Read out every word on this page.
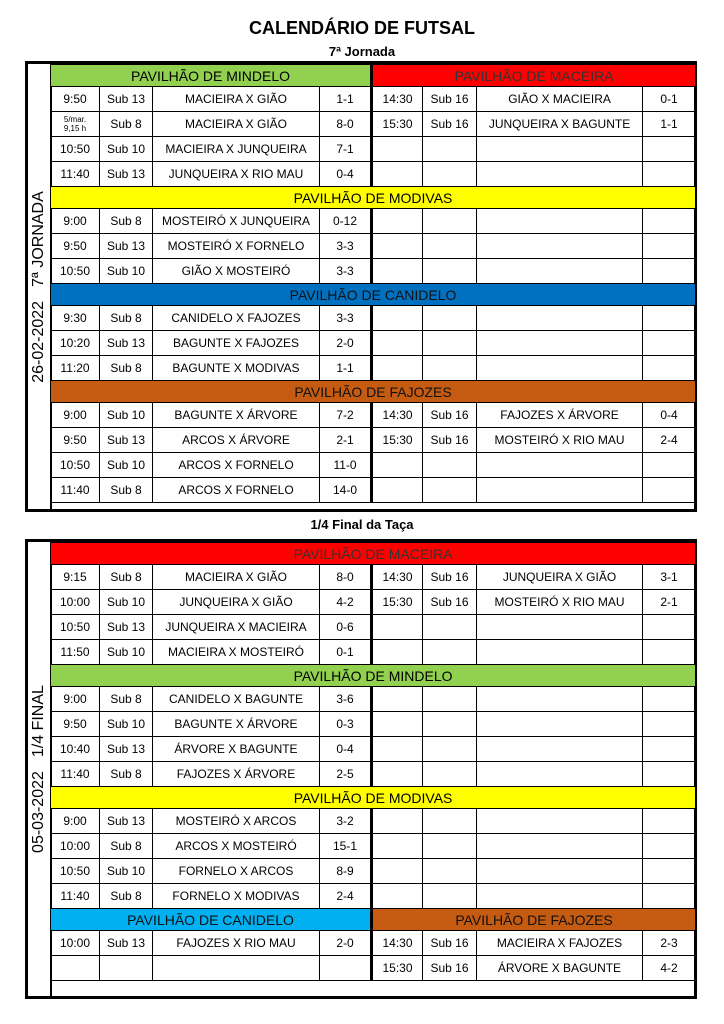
CALENDÁRIO DE FUTSAL
7ª Jornada
26-02-2022
7ª JORNADA
PAVILHÃO DE MINDELO				PAVILHÃO DE MACEIRA			
9:50	Sub 13	MACIEIRA X GIÃO	1-1	14:30	Sub 16	GIÃO X MACIEIRA	0-1
5/mar.
9,15 h	Sub 8	MACIEIRA X GIÃO	8-0	15:30	Sub 16	JUNQUEIRA X BAGUNTE	1-1
10:50	Sub 10	MACIEIRA X JUNQUEIRA	7-1				
11:40	Sub 13	JUNQUEIRA X RIO MAU	0-4				
PAVILHÃO DE MODIVAS							
9:00	Sub 8	MOSTEIRÓ X JUNQUEIRA	0-12				
9:50	Sub 13	MOSTEIRÓ X FORNELO	3-3				
10:50	Sub 10	GIÃO X MOSTEIRÓ	3-3				
PAVILHÃO DE CANIDELO							
9:30	Sub 8	CANIDELO X FAJOZES	3-3				
10:20	Sub 13	BAGUNTE X FAJOZES	2-0				
11:20	Sub 8	BAGUNTE X MODIVAS	1-1				
PAVILHÃO DE FAJOZES							
9:00	Sub 10	BAGUNTE X ÁRVORE	7-2	14:30	Sub 16	FAJOZES X ÁRVORE	0-4
9:50	Sub 13	ARCOS X ÁRVORE	2-1	15:30	Sub 16	MOSTEIRÓ X RIO MAU	2-4
10:50	Sub 10	ARCOS X FORNELO	11-0				
11:40	Sub 8	ARCOS X FORNELO	14-0				
1/4 Final da Taça
05-03-2022
1/4 FINAL
PAVILHÃO DE MACEIRA							
9:15	Sub 8	MACIEIRA X GIÃO	8-0	14:30	Sub 16	JUNQUEIRA X GIÃO	3-1
10:00	Sub 10	JUNQUEIRA X GIÃO	4-2	15:30	Sub 16	MOSTEIRÓ X RIO MAU	2-1
10:50	Sub 13	JUNQUEIRA X MACIEIRA	0-6				
11:50	Sub 10	MACIEIRA X MOSTEIRÓ	0-1				
PAVILHÃO DE MINDELO							
9:00	Sub 8	CANIDELO X BAGUNTE	3-6				
9:50	Sub 10	BAGUNTE X ÁRVORE	0-3				
10:40	Sub 13	ÁRVORE X BAGUNTE	0-4				
11:40	Sub 8	FAJOZES X ÁRVORE	2-5				
PAVILHÃO DE MODIVAS							
9:00	Sub 13	MOSTEIRÓ X ARCOS	3-2				
10:00	Sub 8	ARCOS X MOSTEIRÓ	15-1				
10:50	Sub 10	FORNELO X ARCOS	8-9				
11:40	Sub 8	FORNELO X MODIVAS	2-4				
PAVILHÃO DE CANIDELO				PAVILHÃO DE FAJOZES			
10:00	Sub 13	FAJOZES X RIO MAU	2-0	14:30	Sub 16	MACIEIRA X FAJOZES	2-3
				15:30	Sub 16	ÁRVORE X BAGUNTE	4-2
